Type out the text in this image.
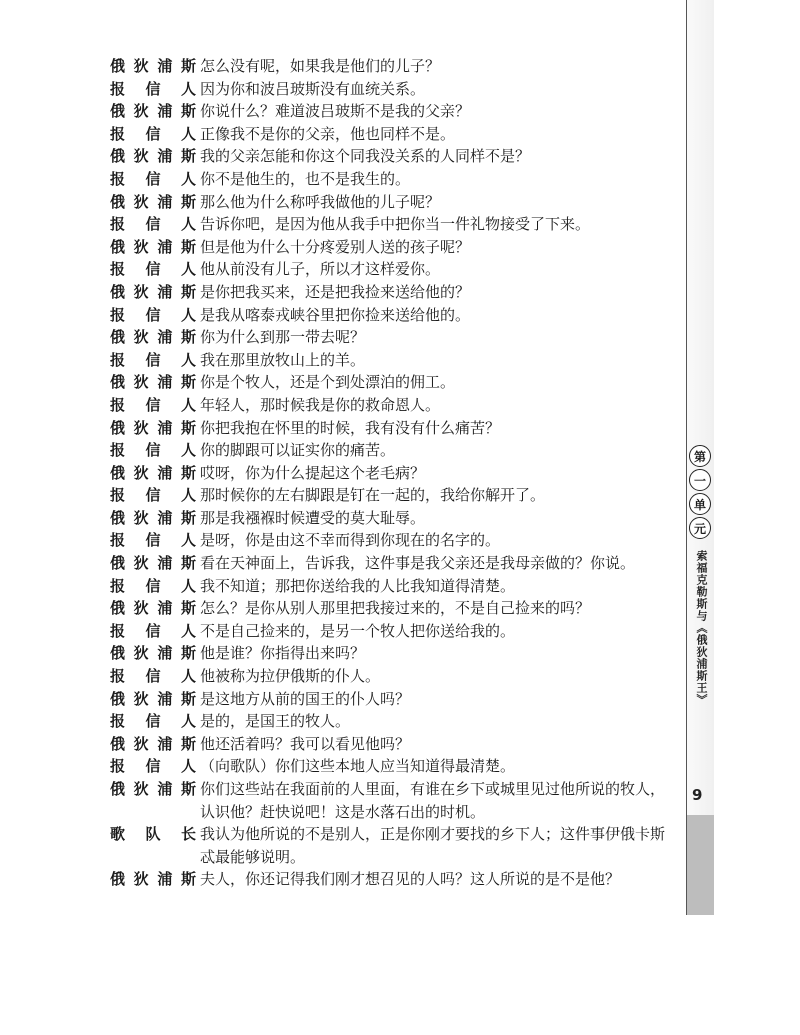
俄 狄 浦 斯 怎么没有呢，如果我是他们的儿子？
报 信 人 因为你和波吕玻斯没有血统关系。
俄 狄 浦 斯 你说什么？难道波吕玻斯不是我的父亲？
报 信 人 正像我不是你的父亲，他也同样不是。
俄 狄 浦 斯 我的父亲怎能和你这个同我没关系的人同样不是？
报 信 人 你不是他生的，也不是我生的。
俄 狄 浦 斯 那么他为什么称呼我做他的儿子呢？
报 信 人 告诉你吧，是因为他从我手中把你当一件礼物接受了下来。
俄 狄 浦 斯 但是他为什么十分疼爱别人送的孩子呢？
报 信 人 他从前没有儿子，所以才这样爱你。
俄 狄 浦 斯 是你把我买来，还是把我捡来送给他的？
报 信 人 是我从喀泰戎峡谷里把你捡来送给他的。
俄 狄 浦 斯 你为什么到那一带去呢？
报 信 人 我在那里放牧山上的羊。
俄 狄 浦 斯 你是个牧人，还是个到处漂泊的佣工。
报 信 人 年轻人，那时候我是你的救命恩人。
俄 狄 浦 斯 你把我抱在怀里的时候，我有没有什么痛苦？
报 信 人 你的脚跟可以证实你的痛苦。
俄 狄 浦 斯 哎呀，你为什么提起这个老毛病？
报 信 人 那时候你的左右脚跟是钉在一起的，我给你解开了。
俄 狄 浦 斯 那是我襁褓时候遭受的莫大耻辱。
报 信 人 是呀，你是由这不幸而得到你现在的名字的。
俄 狄 浦 斯 看在天神面上，告诉我，这件事是我父亲还是我母亲做的？你说。
报 信 人 我不知道；那把你送给我的人比我知道得清楚。
俄 狄 浦 斯 怎么？是你从别人那里把我接过来的，不是自己捡来的吗？
报 信 人 不是自己捡来的，是另一个牧人把你送给我的。
俄 狄 浦 斯 他是谁？你指得出来吗？
报 信 人 他被称为拉伊俄斯的仆人。
俄 狄 浦 斯 是这地方从前的国王的仆人吗？
报 信 人 是的，是国王的牧人。
俄 狄 浦 斯 他还活着吗？我可以看见他吗？
报 信 人 （向歌队）你们这些本地人应当知道得最清楚。
俄 狄 浦 斯 你们这些站在我面前的人里面，有谁在乡下或城里见过他所说的牧人，认识他？赶快说吧！这是水落石出的时机。
歌 队 长 我认为他所说的不是别人，正是你刚才要找的乡下人；这件事伊俄卡斯忒最能够说明。
俄 狄 浦 斯 夫人，你还记得我们刚才想召见的人吗？这人所说的是不是他？
第
一
单
元
索福克勒斯与《俄狄浦斯王》
9
